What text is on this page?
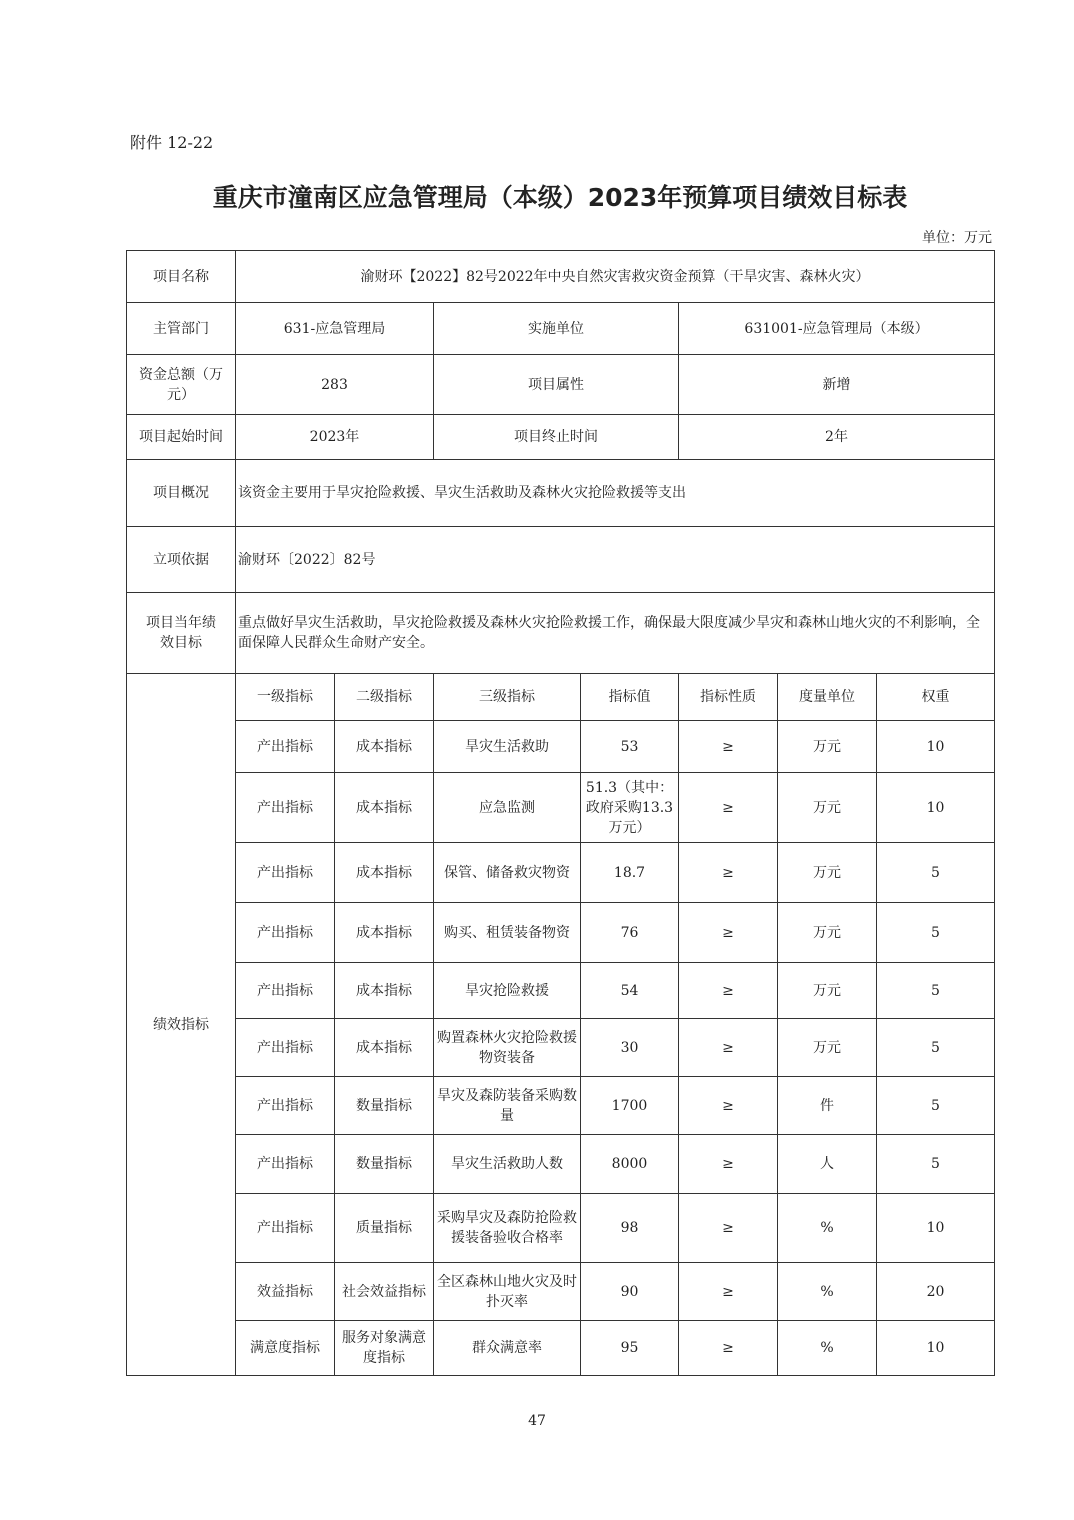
附件 12-22
重庆市潼南区应急管理局（本级）2023年预算项目绩效目标表
单位：万元
项目名称	渝财环【2022】82号2022年中央自然灾害救灾资金预算（干旱灾害、森林火灾）						
主管部门	631-应急管理局		实施单位		631001-应急管理局（本级）		
资金总额（万元）	283		项目属性		新增		
项目起始时间	2023年		项目终止时间		2年		
项目概况	该资金主要用于旱灾抢险救援、旱灾生活救助及森林火灾抢险救援等支出						
立项依据	渝财环〔2022〕82号						
项目当年绩效目标	重点做好旱灾生活救助，旱灾抢险救援及森林火灾抢险救援工作，确保最大限度减少旱灾和森林山地火灾的不利影响，全面保障人民群众生命财产安全。						
绩效指标	一级指标	二级指标	三级指标	指标值	指标性质	度量单位	权重
	产出指标	成本指标	旱灾生活救助	53	≥	万元	10
	产出指标	成本指标	应急监测	51.3（其中：政府采购13.3万元）	≥	万元	10
	产出指标	成本指标	保管、储备救灾物资	18.7	≥	万元	5
	产出指标	成本指标	购买、租赁装备物资	76	≥	万元	5
	产出指标	成本指标	旱灾抢险救援	54	≥	万元	5
	产出指标	成本指标	购置森林火灾抢险救援物资装备	30	≥	万元	5
	产出指标	数量指标	旱灾及森防装备采购数量	1700	≥	件	5
	产出指标	数量指标	旱灾生活救助人数	8000	≥	人	5
	产出指标	质量指标	采购旱灾及森防抢险救援装备验收合格率	98	≥	%	10
	效益指标	社会效益指标	全区森林山地火灾及时扑灭率	90	≥	%	20
	满意度指标	服务对象满意度指标	群众满意率	95	≥	%	10
47
